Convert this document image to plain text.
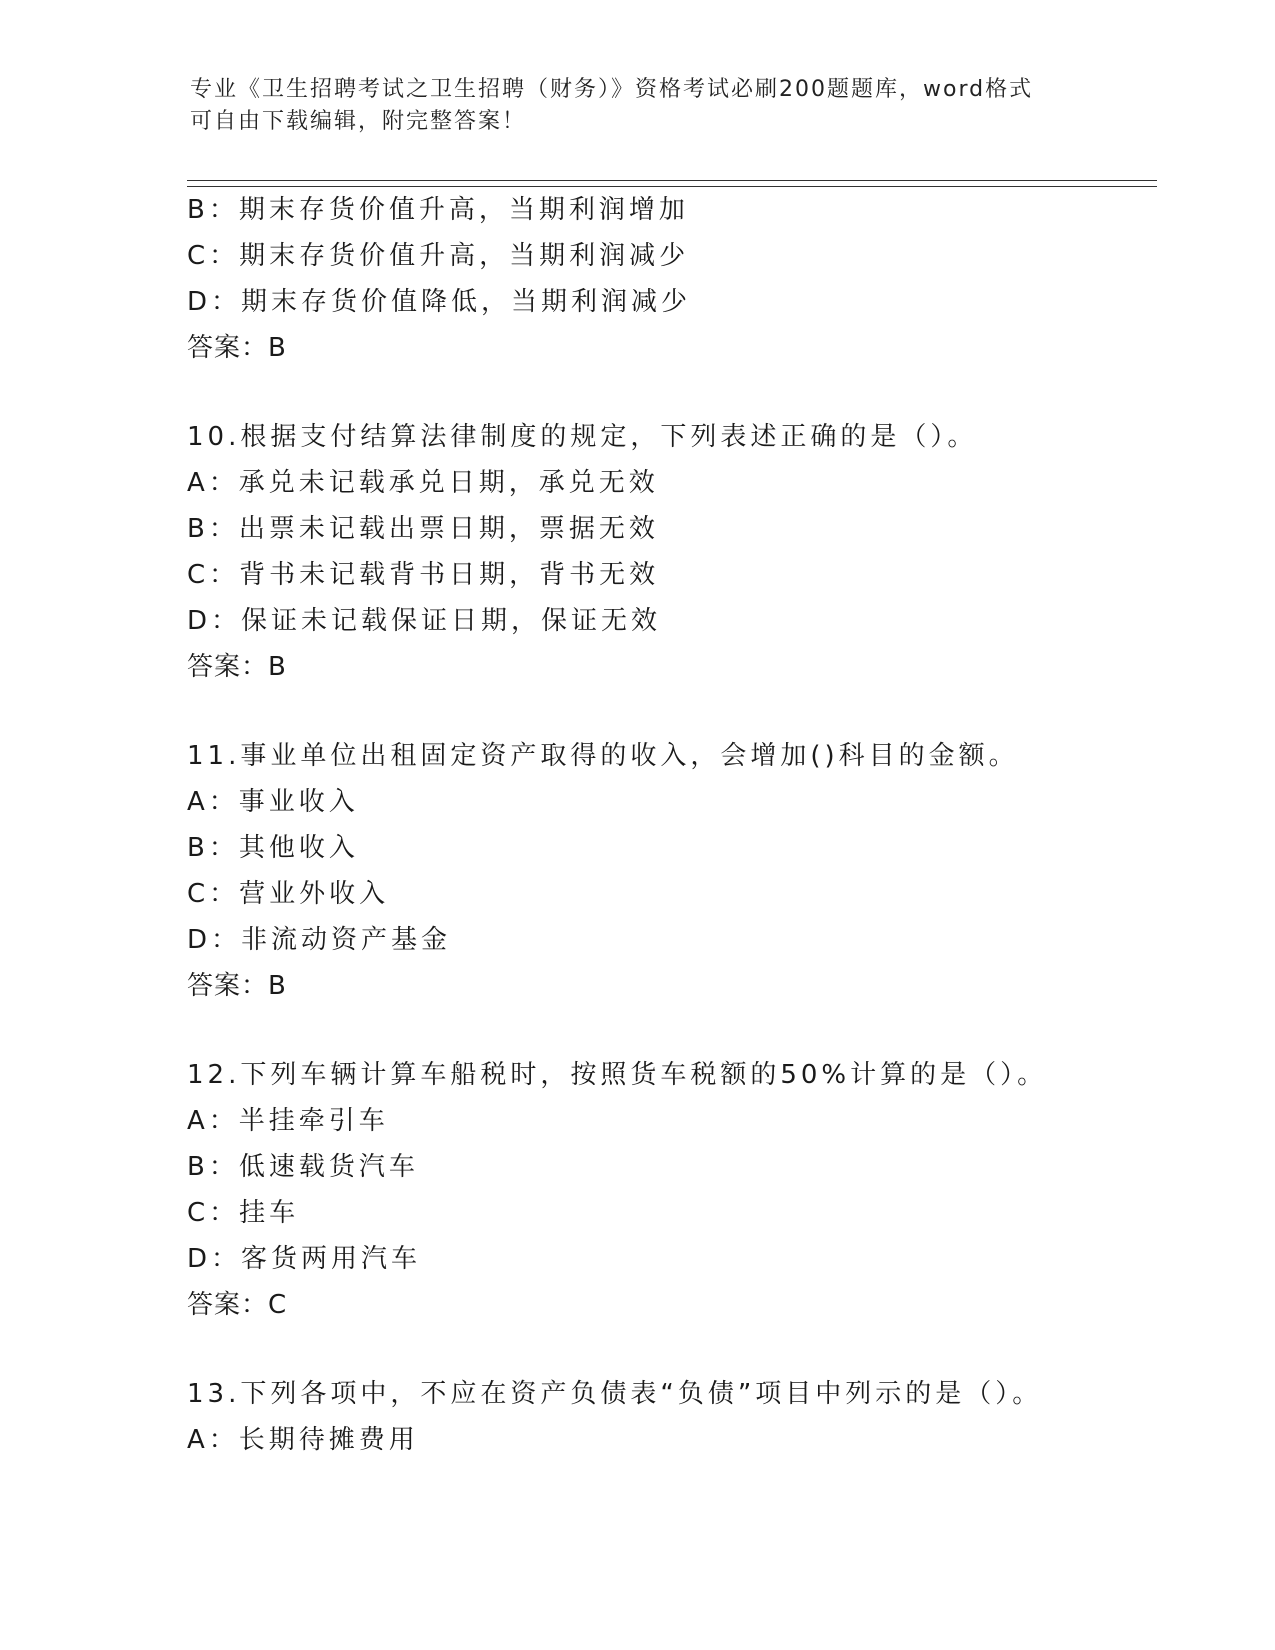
专业《卫生招聘考试之卫生招聘（财务）》资格考试必刷200题题库，word格式
可自由下载编辑，附完整答案！
B：期末存货价值升高，当期利润增加
C：期末存货价值升高，当期利润减少
D：期末存货价值降低，当期利润减少
答案：B
10.根据支付结算法律制度的规定，下列表述正确的是（）。
A：承兑未记载承兑日期，承兑无效
B：出票未记载出票日期，票据无效
C：背书未记载背书日期，背书无效
D：保证未记载保证日期，保证无效
答案：B
11.事业单位出租固定资产取得的收入，会增加()科目的金额。
A：事业收入
B：其他收入
C：营业外收入
D：非流动资产基金
答案：B
12.下列车辆计算车船税时，按照货车税额的50%计算的是（）。
A：半挂牵引车
B：低速载货汽车
C：挂车
D：客货两用汽车
答案：C
13.下列各项中，不应在资产负债表“负债”项目中列示的是（）。
A：长期待摊费用
